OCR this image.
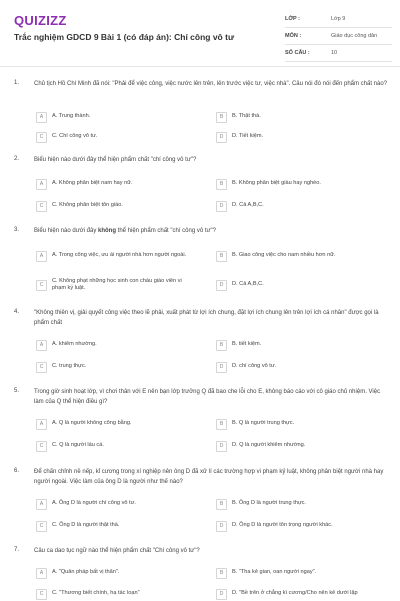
QUIZIZZ
Trắc nghiệm GDCD 9 Bài 1 (có đáp án): Chí công vô tư
LỚP :	Lớp 9
MÔN :	Giáo dục công dân
SỐ CÂU :	10
1. Chủ tịch Hồ Chí Minh đã nói: "Phải để việc công, việc nước lên trên, lên trước việc tư, việc nhà". Câu nói đó nói đến phẩm chất nào?
A	A. Trung thành.	B	B. Thật thà.
C	C. Chí công vô tư.	D	D. Tiết kiệm.
2. Biểu hiện nào dưới đây thể hiện phẩm chất "chí công vô tư"?
A	A. Không phân biệt nam hay nữ.	B	B. Không phân biệt giàu hay nghèo.
C	C. Không phân biệt tôn giáo.	D	D. Cả A,B,C.
3. Biểu hiện nào dưới đây không thể hiện phẩm chất "chí công vô tư"?
A	A. Trong công việc, ưu ái người nhà hơn người ngoài.	B	B. Giao công việc cho nam nhiều hơn nữ.
C
C. Không phạt những học sinh con cháu giáo viên vi phạm kỷ luật.	D	D. Cả A,B,C.
4. "Không thiên vị, giải quyết công việc theo lẽ phải, xuất phát từ lợi ích chung, đặt lợi ích chung lên trên lợi ích cá nhân" được gọi là phẩm chất
A	A. khiêm nhường.	B	B. tiết kiệm.
C	C. trung thực.	D	D. chí công vô tư.
5. Trong giờ sinh hoạt lớp, vì chơi thân với E nên bạn lớp trưởng Q đã bao che lỗi cho E, không báo cáo với cô giáo chủ nhiệm. Việc làm của Q thể hiện điều gì?
A	A. Q là người không công bằng.	B	B. Q là người trung thực.
C	C. Q là người láu cá.	D	D. Q là người khiêm nhường.
6. Để chấn chỉnh nề nếp, kỉ cương trong xí nghiệp nên ông D đã xử lí các trường hợp vi phạm kỷ luật, không phân biệt người nhà hay người ngoài. Việc làm của ông D là người như thế nào?
A	A. Ông D là người chí công vô tư.	B	B. Ông D là người trung thực.
C	C. Ông D là người thật thà.	D	D. Ông D là người tôn trọng người khác.
7. Câu ca dao tục ngữ nào thể hiện phẩm chất "Chí công vô tư"?
A	A. "Quân pháp bất vị thân".	B	B. "Tha kẻ gian, oan người ngay".
C	C. "Thương biết chính, hạ tác loạn"	D	D. "Bề trên ở chẳng kì cương/Cho nên kẻ dưới lập
